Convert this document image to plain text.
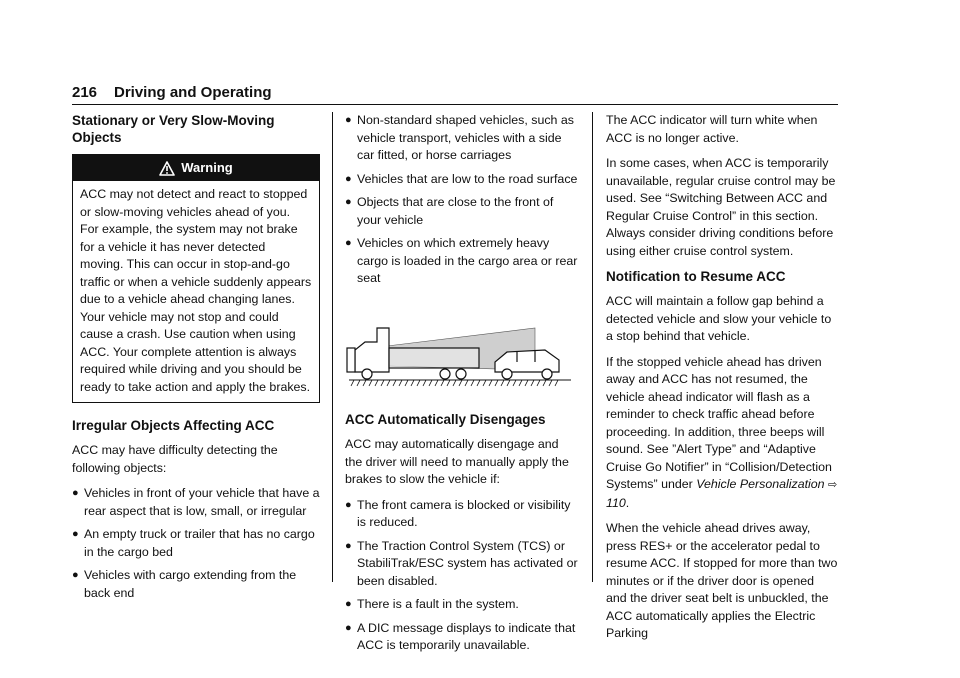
216 Driving and Operating
Stationary or Very Slow-Moving Objects
Warning
ACC may not detect and react to stopped or slow-moving vehicles ahead of you. For example, the system may not brake for a vehicle it has never detected moving. This can occur in stop-and-go traffic or when a vehicle suddenly appears due to a vehicle ahead changing lanes. Your vehicle may not stop and could cause a crash. Use caution when using ACC. Your complete attention is always required while driving and you should be ready to take action and apply the brakes.
Irregular Objects Affecting ACC

ACC may have difficulty detecting the following objects:

● Vehicles in front of your vehicle that have a rear aspect that is low, small, or irregular
● An empty truck or trailer that has no cargo in the cargo bed
● Vehicles with cargo extending from the back end
● Non-standard shaped vehicles, such as vehicle transport, vehicles with a side car fitted, or horse carriages
● Vehicles that are low to the road surface
● Objects that are close to the front of your vehicle
● Vehicles on which extremely heavy cargo is loaded in the cargo area or rear seat
ACC Automatically Disengages

ACC may automatically disengage and the driver will need to manually apply the brakes to slow the vehicle if:

● The front camera is blocked or visibility is reduced.
● The Traction Control System (TCS) or StabiliTrak/ESC system has activated or been disabled.
● There is a fault in the system.
● A DIC message displays to indicate that ACC is temporarily unavailable.

The ACC indicator will turn white when ACC is no longer active.

In some cases, when ACC is temporarily unavailable, regular cruise control may be used. See “Switching Between ACC and Regular Cruise Control” in this section. Always consider driving conditions before using either cruise control system.

Notification to Resume ACC

ACC will maintain a follow gap behind a detected vehicle and slow your vehicle to a stop behind that vehicle.

If the stopped vehicle ahead has driven away and ACC has not resumed, the vehicle ahead indicator will flash as a reminder to check traffic ahead before proceeding. In addition, three beeps will sound. See ”Alert Type” and “Adaptive Cruise Go Notifier” in “Collision/Detection Systems” under Vehicle Personalization ⇨ 110.

When the vehicle ahead drives away, press RES+ or the accelerator pedal to resume ACC. If stopped for more than two minutes or if the driver door is opened and the driver seat belt is unbuckled, the ACC automatically applies the Electric Parking
